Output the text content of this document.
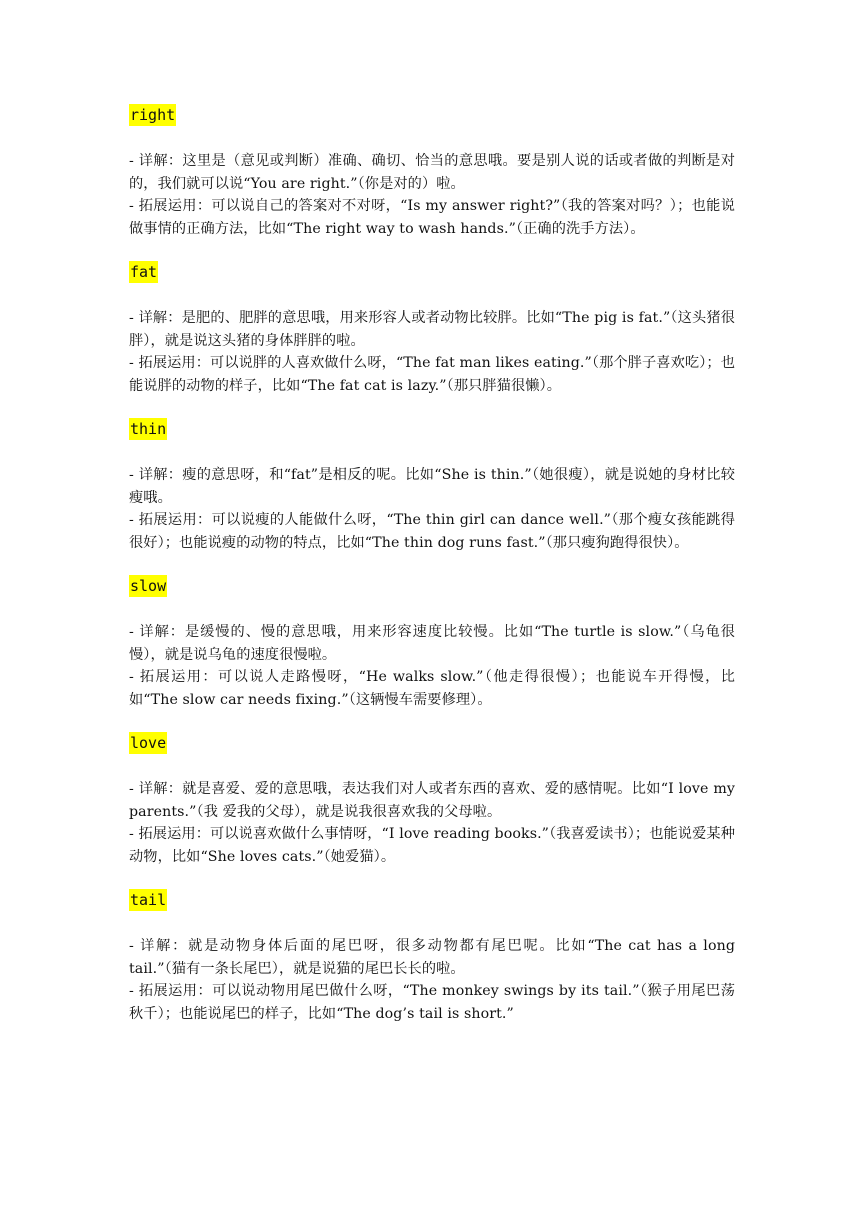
right

- 详解：这里是（意见或判断）准确、确切、恰当的意思哦。要是别人说的话或者做的判断是对的，我们就可以说“You are right.”（你是对的）啦。

- 拓展运用：可以说自己的答案对不对呀，“Is my answer right?”（我的答案对吗？）；也能说做事情的正确方法，比如“The right way to wash hands.”（正确的洗手方法）。

fat

- 详解：是肥的、肥胖的意思哦，用来形容人或者动物比较胖。比如“The pig is fat.”（这头猪很胖），就是说这头猪的身体胖胖的啦。

- 拓展运用：可以说胖的人喜欢做什么呀，“The fat man likes eating.”（那个胖子喜欢吃）；也能说胖的动物的样子，比如“The fat cat is lazy.”（那只胖猫很懒）。

thin

- 详解：瘦的意思呀，和“fat”是相反的呢。比如“She is thin.”（她很瘦），就是说她的身材比较瘦哦。

- 拓展运用：可以说瘦的人能做什么呀，“The thin girl can dance well.”（那个瘦女孩能跳得很好）；也能说瘦的动物的特点，比如“The thin dog runs fast.”（那只瘦狗跑得很快）。

slow

- 详解：是缓慢的、慢的意思哦，用来形容速度比较慢。比如“The turtle is slow.”（乌龟很慢），就是说乌龟的速度很慢啦。

- 拓展运用：可以说人走路慢呀，“He walks slow.”（他走得很慢）；也能说车开得慢，比如“The slow car needs fixing.”（这辆慢车需要修理）。

love

- 详解：就是喜爱、爱的意思哦，表达我们对人或者东西的喜欢、爱的感情呢。比如“I love my parents.”（我 爱我的父母），就是说我很喜欢我的父母啦。

- 拓展运用：可以说喜欢做什么事情呀，“I love reading books.”（我喜爱读书）；也能说爱某种动物，比如“She loves cats.”（她爱猫）。

tail

- 详解：就是动物身体后面的尾巴呀，很多动物都有尾巴呢。比如“The cat has a long tail.”（猫有一条长尾巴），就是说猫的尾巴长长的啦。

- 拓展运用：可以说动物用尾巴做什么呀，“The monkey swings by its tail.”（猴子用尾巴荡秋千）；也能说尾巴的样子，比如“The dog’s tail is short.”
